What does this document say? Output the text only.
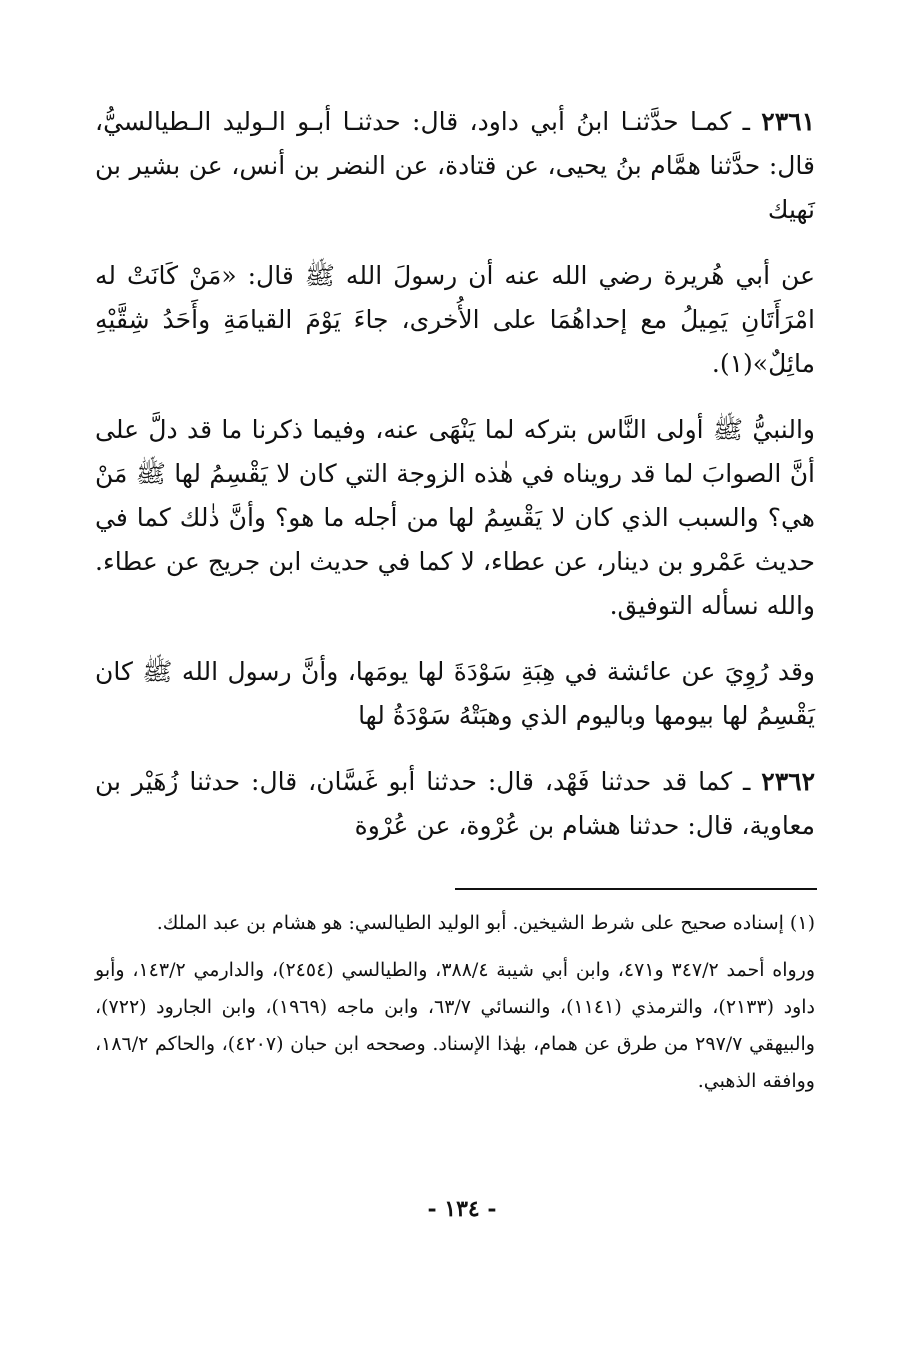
٢٣٦١ ـ كمـا حدَّثنـا ابنُ أبي داود، قال: حدثنـا أبـو الـوليد الـطيالسيُّ، قال: حدَّثنا همَّام بنُ يحيى، عن قتادة، عن النضر بن أنس، عن بشير بن نَهيك

عن أبي هُريرة رضي الله عنه أن رسولَ الله ﷺ قال: «مَنْ كَانَتْ له امْرَأَتَانِ يَمِيلُ مع إحداهُمَا على الأُخرى، جاءَ يَوْمَ القيامَةِ وأَحَدُ شِقَّيْهِ مائِلٌ»(١).

والنبيُّ ﷺ أولى النَّاس بتركه لما يَنْهَى عنه، وفيما ذكرنا ما قد دلَّ على أنَّ الصوابَ لما قد رويناه في هٰذه الزوجة التي كان لا يَقْسِمُ لها ﷺ مَنْ هي؟ والسبب الذي كان لا يَقْسِمُ لها من أجله ما هو؟ وأنَّ ذٰلك كما في حديث عَمْرو بن دينار، عن عطاء، لا كما في حديث ابن جريج عن عطاء. والله نسأله التوفيق.

وقد رُوِيَ عن عائشة في هِبَةِ سَوْدَةَ لها يومَها، وأنَّ رسول الله ﷺ كان يَقْسِمُ لها بيومها وباليوم الذي وهبَتْهُ سَوْدَةُ لها

٢٣٦٢ ـ كما قد حدثنا فَهْد، قال: حدثنا أبو غَسَّان، قال: حدثنا زُهَيْر بن معاوية، قال: حدثنا هشام بن عُرْوة، عن عُرْوة

(١) إسناده صحيح على شرط الشيخين. أبو الوليد الطيالسي: هو هشام بن عبد الملك.

ورواه أحمد ٣٤٧/٢ و٤٧١، وابن أبي شيبة ٣٨٨/٤، والطيالسي (٢٤٥٤)، والدارمي ١٤٣/٢، وأبو داود (٢١٣٣)، والترمذي (١١٤١)، والنسائي ٦٣/٧، وابن ماجه (١٩٦٩)، وابن الجارود (٧٢٢)، والبيهقي ٢٩٧/٧ من طرق عن همام، بهٰذا الإسناد. وصححه ابن حبان (٤٢٠٧)، والحاكم ١٨٦/٢، ووافقه الذهبي.

- ١٣٤ -
